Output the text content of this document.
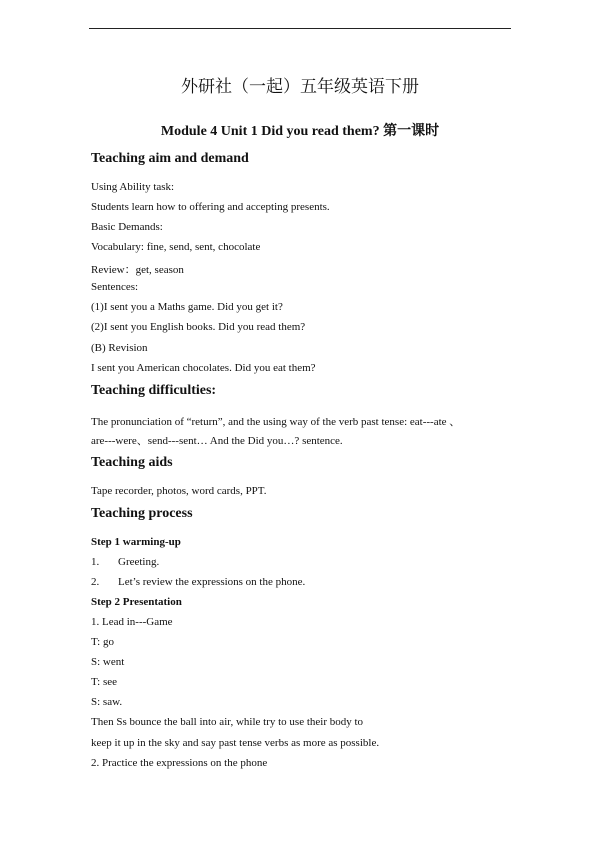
外研社（一起）五年级英语下册
Module 4 Unit 1 Did you read them? 第一课时
Teaching aim and demand
Using Ability task:
Students learn how to offering and accepting presents.
Basic Demands:
Vocabulary: fine, send, sent, chocolate
Review：get, season
Sentences:
(1)I sent you a Maths game. Did you get it?
(2)I sent you English books. Did you read them?
(B) Revision
I sent you American chocolates. Did you eat them?
Teaching difficulties:
The pronunciation of “return”, and the using way of the verb past tense: eat---ate 、
are---were、send---sent… And the Did you…? sentence.
Teaching aids
Tape recorder, photos, word cards, PPT.
Teaching process
Step 1 warming-up
1. Greeting.
2. Let’s review the expressions on the phone.
Step 2 Presentation
1. Lead in---Game
T: go
S: went
T: see
S: saw.
Then Ss bounce the ball into air, while try to use their body to
keep it up in the sky and say past tense verbs as more as possible.
2. Practice the expressions on the phone
